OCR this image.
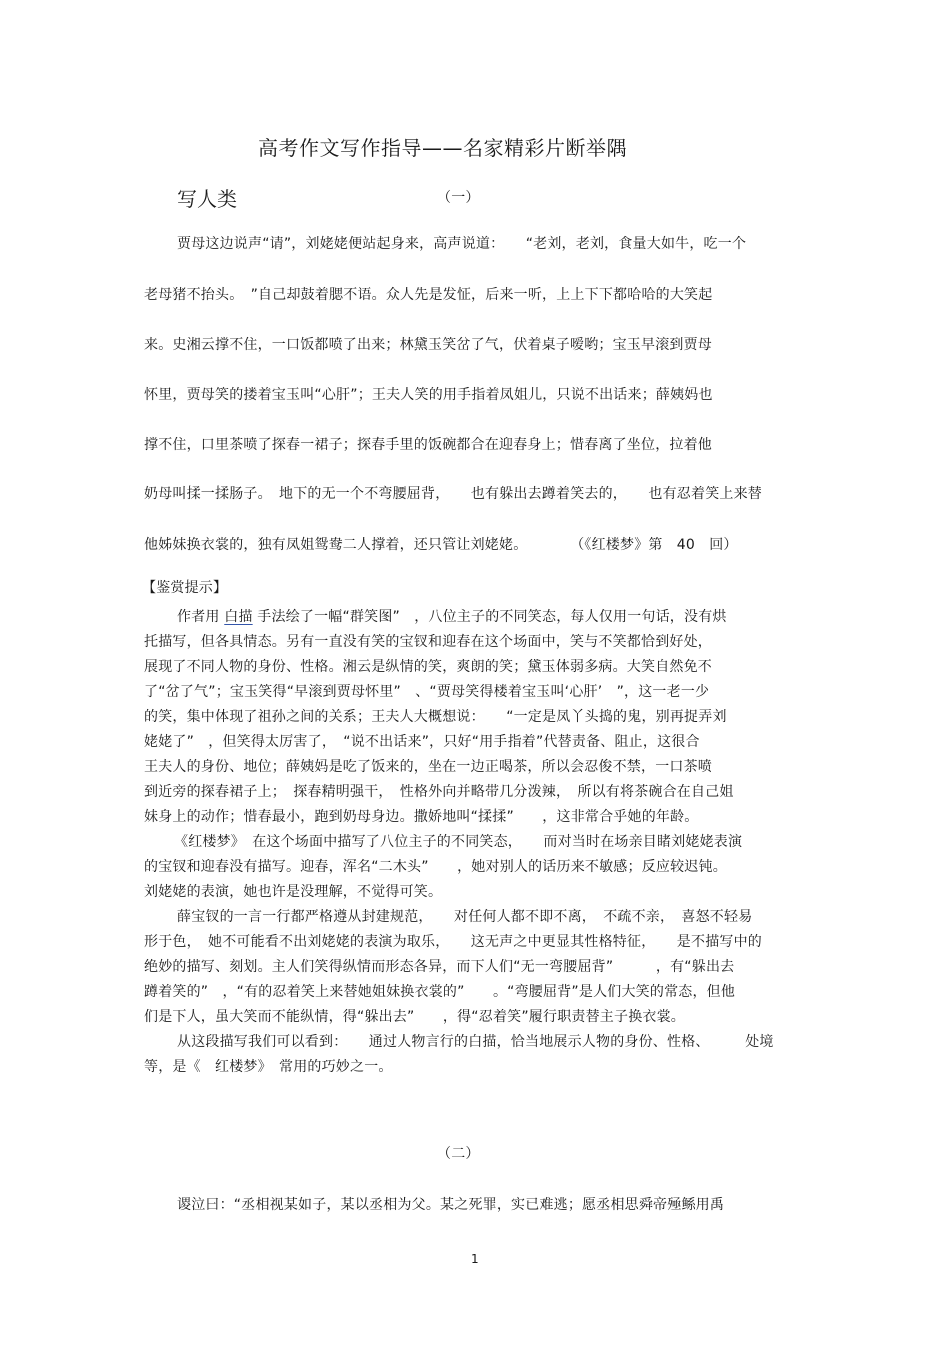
高考作文写作指导——名家精彩片断举隅
写人类	（一）
贾母这边说声“请”，刘姥姥便站起身来，高声说道：　　“老刘，老刘，食量大如牛，吃一个
老母猪不抬头。　”自己却鼓着腮不语。众人先是发怔，后来一听，上上下下都哈哈的大笑起
来。史湘云撑不住，一口饭都喷了出来；林黛玉笑岔了气，伏着桌子嗳哟；宝玉早滚到贾母
怀里，贾母笑的搂着宝玉叫“心肝”；王夫人笑的用手指着凤姐儿，只说不出话来；薛姨妈也
撑不住，口里茶喷了探春一裙子；探春手里的饭碗都合在迎春身上；惜春离了坐位，拉着他
奶母叫揉一揉肠子。　地下的无一个不弯腰屈背，　　也有躲出去蹲着笑去的，　　也有忍着笑上来替
他姊妹换衣裳的，独有凤姐鸳鸯二人撑着，还只管让刘姥姥。　　　　（《红楼梦》第　40　回）
【鉴赏提示】
作者用 白描 手法绘了一幅“群笑图”　，八位主子的不同笑态，每人仅用一句话，没有烘
托描写，但各具情态。另有一直没有笑的宝钗和迎春在这个场面中，笑与不笑都恰到好处，
展现了不同人物的身份、性格。湘云是纵情的笑，爽朗的笑；黛玉体弱多病。大笑自然免不
了“岔了气”；宝玉笑得“早滚到贾母怀里”　、“贾母笑得楼着宝玉叫‘心肝’　”，这一老一少
的笑，集中体现了祖孙之间的关系；王夫人大概想说：　　“一定是凤丫头捣的鬼，别再捉弄刘
姥姥了”　，但笑得太厉害了，　“说不出话来”，只好“用手指着”代替责备、阻止，这很合
王夫人的身份、地位；薛姨妈是吃了饭来的，坐在一边正喝茶，所以会忍俊不禁，一口茶喷
到近旁的探春裙子上；　探春精明强干，　性格外向并略带几分泼辣，　所以有将茶碗合在自己姐
妹身上的动作；惜春最小，跑到奶母身边。撒娇地叫“揉揉”　　，这非常合乎她的年龄。
《红楼梦》　在这个场面中描写了八位主子的不同笑态，　　而对当时在场亲目睹刘姥姥表演
的宝钗和迎春没有描写。迎春，浑名“二木头”　　，她对别人的话历来不敏感；反应较迟钝。
刘姥姥的表演，她也许是没理解，不觉得可笑。
薛宝钗的一言一行都严格遵从封建规范，　　对任何人都不即不离，　不疏不亲，　喜怒不轻易
形于色，　她不可能看不出刘姥姥的表演为取乐，　　这无声之中更显其性格特征，　　是不描写中的
绝妙的描写、刻划。主人们笑得纵情而形态各异，而下人们“无一弯腰屈背”　　　，有“躲出去
蹲着笑的”　，“有的忍着笑上来替她姐妹换衣裳的”　　。“弯腰屈背”是人们大笑的常态，但他
们是下人，虽大笑而不能纵情，得“躲出去”　　，得“忍着笑”履行职责替主子换衣裳。
从这段描写我们可以看到：　　通过人物言行的白描，恰当地展示人物的身份、性格、　　　处境
等，是《　红楼梦》　常用的巧妙之一。
（二）
谡泣曰：“丞相视某如子，某以丞相为父。某之死罪，实已难逃；愿丞相思舜帝殛鲧用禹
1
